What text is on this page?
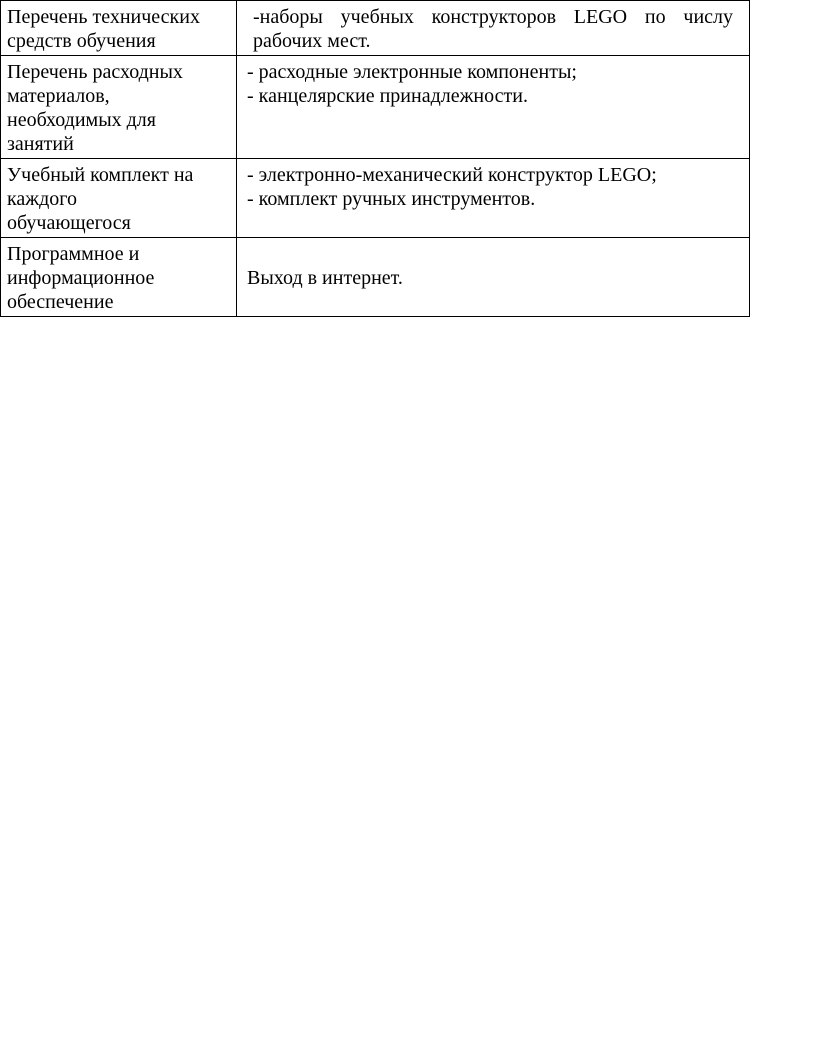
Перечень технических
средств обучения	-наборы учебных конструкторов LEGO по числу
рабочих мест.

Перечень расходных
материалов,
необходимых для
занятий	- расходные электронные компоненты;
- канцелярские принадлежности.

Учебный комплект на
каждого
обучающегося	- электронно-механический конструктор LEGO;
- комплект ручных инструментов.

Программное и
информационное
обеспечение	Выход в интернет.
